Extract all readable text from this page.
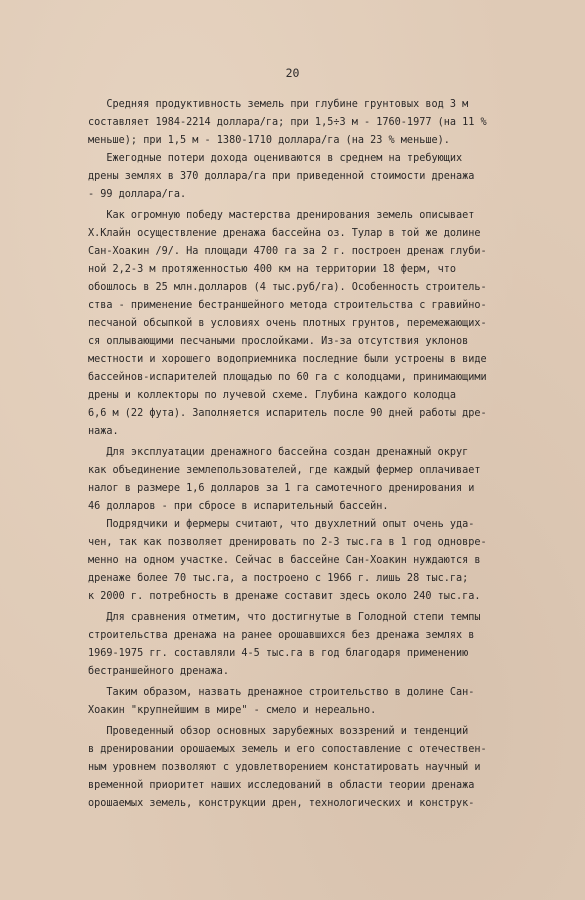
20
Средняя продуктивность земель при глубине грунтовых вод 3 м
составляет 1984-2214 доллара/га; при 1,5÷3 м - 1760-1977 (на 11 %
меньше); при 1,5 м - 1380-1710 доллара/га (на 23 % меньше).
Ежегодные потери дохода оцениваются в среднем на требующих
дрены землях в 370 доллара/га при приведенной стоимости дренажа
- 99 доллара/га.
Как огромную победу мастерства дренирования земель описывает
Х.Клайн осуществление дренажа бассейна оз. Тулар в той же долине
Сан-Хоакин /9/. На площади 4700 га за 2 г. построен дренаж глуби-
ной 2,2-3 м протяженностью 400 км на территории 18 ферм, что
обошлось в 25 млн.долларов (4 тыс.руб/га). Особенность строитель-
ства - применение бестраншейного метода строительства с гравийно-
песчаной обсыпкой в условиях очень плотных грунтов, перемежающих-
ся оплывающими песчаными прослойками. Из-за отсутствия уклонов
местности и хорошего водоприемника последние были устроены в виде
бассейнов-испарителей площадью по 60 га с колодцами, принимающими
дрены и коллекторы по лучевой схеме. Глубина каждого колодца
6,6 м (22 фута). Заполняется испаритель после 90 дней работы дре-
нажа.
Для эксплуатации дренажного бассейна создан дренажный округ
как объединение землепользователей, где каждый фермер оплачивает
налог в размере 1,6 долларов за 1 га самотечного дренирования и
46 долларов - при сбросе в испарительный бассейн.
Подрядчики и фермеры считают, что двухлетний опыт очень уда-
чен, так как позволяет дренировать по 2-3 тыс.га в 1 год одновре-
менно на одном участке. Сейчас в бассейне Сан-Хоакин нуждаются в
дренаже более 70 тыс.га, а построено с 1966 г. лишь 28 тыс.га;
к 2000 г. потребность в дренаже составит здесь около 240 тыс.га.
Для сравнения отметим, что достигнутые в Голодной степи темпы
строительства дренажа на ранее орошавшихся без дренажа землях в
1969-1975 гг. составляли 4-5 тыс.га в год благодаря применению
бестраншейного дренажа.
Таким образом, назвать дренажное строительство в долине Сан-
Хоакин "крупнейшим в мире" - смело и нереально.
Проведенный обзор основных зарубежных воззрений и тенденций
в дренировании орошаемых земель и его сопоставление с отечествен-
ным уровнем позволяют с удовлетворением констатировать научный и
временной приоритет наших исследований в области теории дренажа
орошаемых земель, конструкции дрен, технологических и конструк-
